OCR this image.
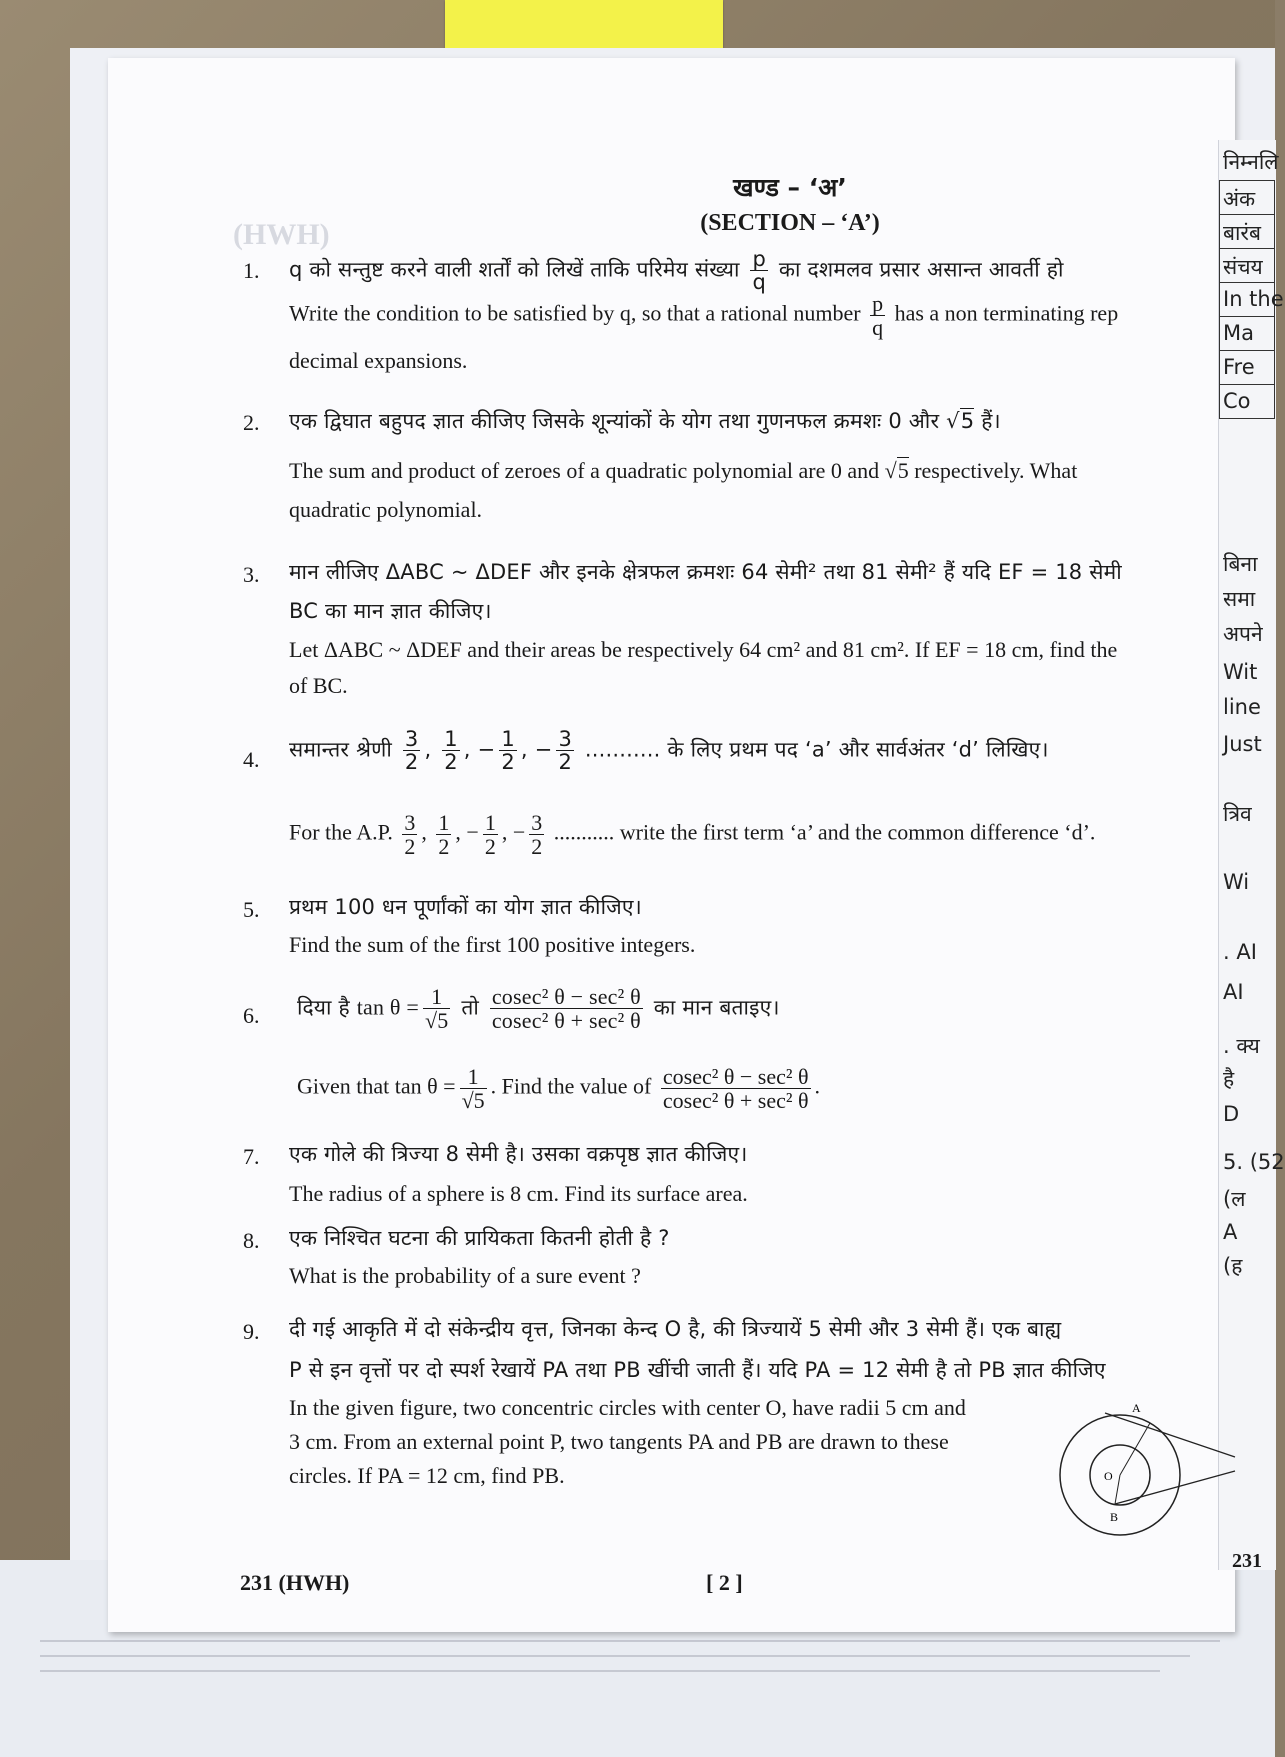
(HWH)
निम्नलि
अंक
बारंब
संचय
In the
Ma
Fre
Co
बिना
समा
अपने
Wit
line
Just
त्रिव
Wi
. AI
AI
. क्य
है
D
5. (52
(ल
A
(ह
खण्ड – ‘अ’
(SECTION – ‘A’)
1. q को सन्तुष्ट करने वाली शर्तों को लिखें ताकि परिमेय संख्या $\frac{p}{q}$ का दशमलव प्रसार असान्त आवर्ती हो
Write the condition to be satisfied by q, so that a rational number $\frac{p}{q}$ has a non terminating rep
decimal expansions.
2. एक द्विघात बहुपद ज्ञात कीजिए जिसके शून्यांकों के योग तथा गुणनफल क्रमशः 0 और √5 हैं।
The sum and product of zeroes of a quadratic polynomial are 0 and √5 respectively. What
quadratic polynomial.
3. मान लीजिए ΔABC ~ ΔDEF और इनके क्षेत्रफल क्रमशः 64 सेमी² तथा 81 सेमी² हैं यदि EF = 18 सेमी
BC का मान ज्ञात कीजिए।
Let ΔABC ~ ΔDEF and their areas be respectively 64 cm² and 81 cm². If EF = 18 cm, find the
of BC.
4. समान्तर श्रेणी $\frac{3}{2}$ , $\frac{1}{2}$ , − $\frac{1}{2}$ , − $\frac{3}{2}$ ........... के लिए प्रथम पद ‘a’ और सार्वअंतर ‘d’ लिखिए।
For the A.P. $\frac{3}{2}$ , $\frac{1}{2}$ , − $\frac{1}{2}$ , − $\frac{3}{2}$ ........... write the first term ‘a’ and the common difference ‘d’.
5. प्रथम 100 धन पूर्णांकों का योग ज्ञात कीजिए।
Find the sum of the first 100 positive integers.
6. दिया है $\tan \theta = \frac{1}{√5}$ तो $\frac{\text{cosec² θ − sec² θ}}{\text{cosec² θ + sec² θ}}$ का मान बताइए।
Given that $\tan \theta = \frac{1}{√5}$ . Find the value of $\frac{\text{cosec² θ − sec² θ}}{\text{cosec² θ + sec² θ}}$ .
7. एक गोले की त्रिज्या 8 सेमी है। उसका वक्रपृष्ठ ज्ञात कीजिए।
The radius of a sphere is 8 cm. Find its surface area.
8. एक निश्चित घटना की प्रायिकता कितनी होती है ?
What is the probability of a sure event ?
9. दी गई आकृति में दो संकेन्द्रीय वृत्त, जिनका केन्द O है, की त्रिज्यायें 5 सेमी और 3 सेमी हैं। एक बाह्य
P से इन वृत्तों पर दो स्पर्श रेखायें PA तथा PB खींची जाती हैं। यदि PA = 12 सेमी है तो PB ज्ञात कीजिए
In the given figure, two concentric circles with center O, have radii 5 cm and
3 cm. From an external point P, two tangents PA and PB are drawn to these
circles. If PA = 12 cm, find PB.
A
B
O
231 (HWH)	[ 2 ]
231
